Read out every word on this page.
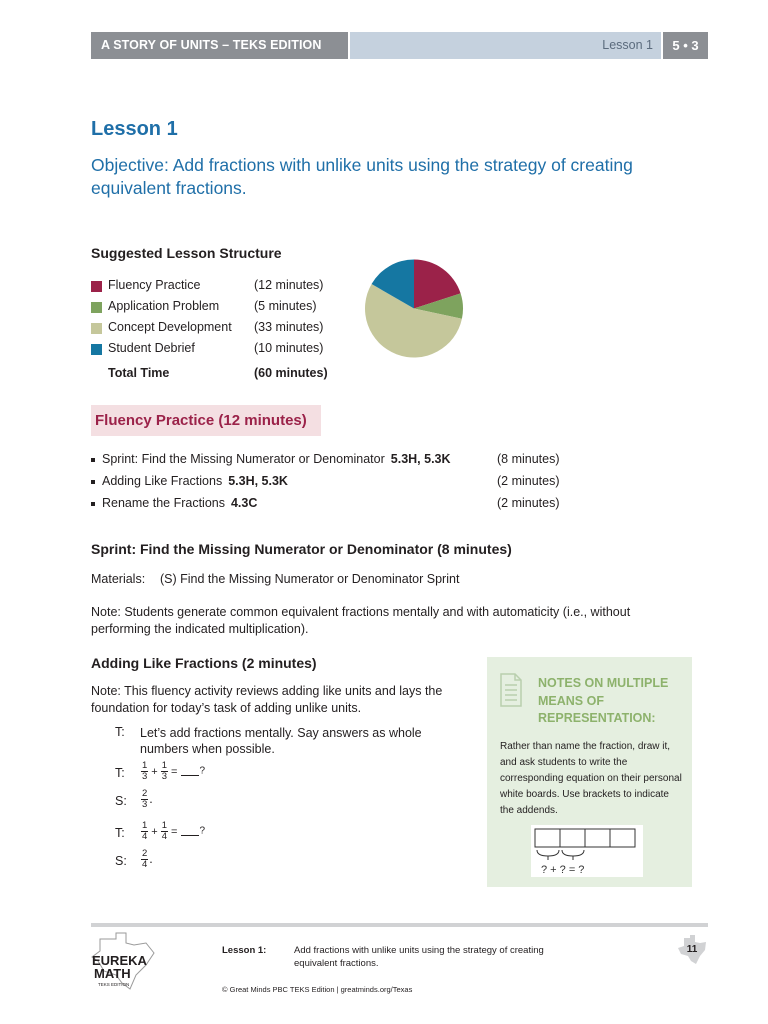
A STORY OF UNITS – TEKS EDITION	Lesson 1	5 • 3
Lesson 1
Objective: Add fractions with unlike units using the strategy of creating equivalent fractions.
Suggested Lesson Structure
Fluency Practice	(12 minutes)
Application Problem	(5 minutes)
Concept Development (33 minutes)
Student Debrief	(10 minutes)
Total Time	(60 minutes)
Fluency Practice (12 minutes)
Sprint: Find the Missing Numerator or Denominator 5.3H, 5.3K	(8 minutes)
Adding Like Fractions 5.3H, 5.3K	(2 minutes)
Rename the Fractions 4.3C	(2 minutes)
Sprint: Find the Missing Numerator or Denominator (8 minutes)
Materials: (S) Find the Missing Numerator or Denominator Sprint
Note: Students generate common equivalent fractions mentally and with automaticity (i.e., without performing the indicated multiplication).
Adding Like Fractions (2 minutes)
Note: This fluency activity reviews adding like units and lays the foundation for today’s task of adding unlike units.
T: Let’s add fractions mentally. Say answers as whole numbers when possible.
T: $\frac{1}{3} + \frac{1}{3}$ = ?
S: $\frac{2}{3}$ .
T: $\frac{1}{4} + \frac{1}{4}$ = ?
S: $\frac{2}{4}$ .
NOTES ON MULTIPLE MEANS OF REPRESENTATION:
Rather than name the fraction, draw it, and ask students to write the corresponding equation on their personal white boards. Use brackets to indicate the addends.
? + ? = ?
EUREKA
MATH
TEKS EDITION
Lesson 1:	Add fractions with unlike units using the strategy of creating equivalent fractions.
© Great Minds PBC TEKS Edition | greatminds.org/Texas
11
